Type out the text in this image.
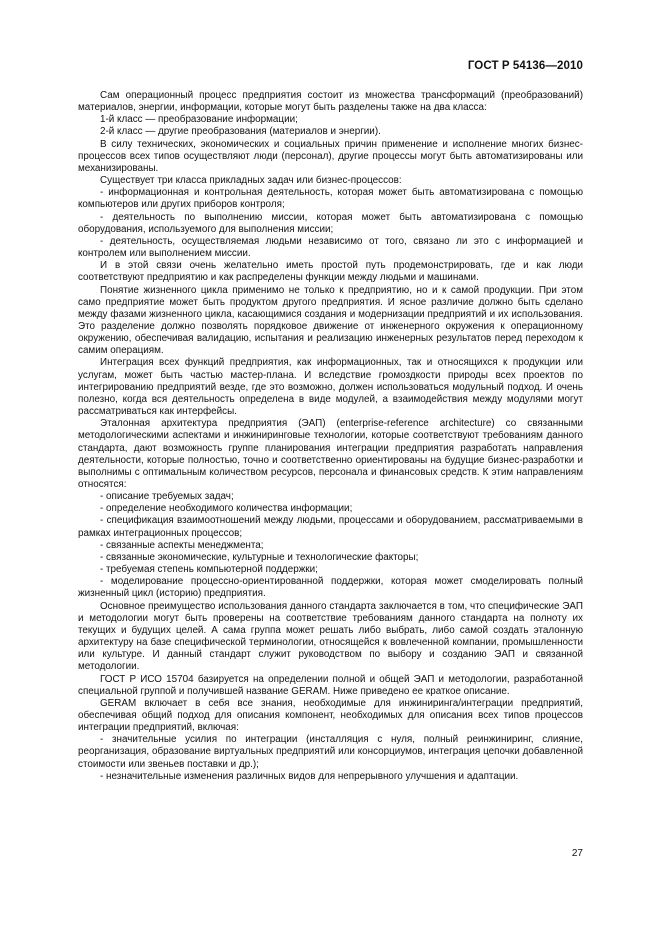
ГОСТ Р 54136—2010

Сам операционный процесс предприятия состоит из множества трансформаций (преобразований) материалов, энергии, информации, которые могут быть разделены также на два класса:

1-й класс — преобразование информации;

2-й класс — другие преобразования (материалов и энергии).

В силу технических, экономических и социальных причин применение и исполнение многих бизнес-процессов всех типов осуществляют люди (персонал), другие процессы могут быть автоматизированы или механизированы.

Существует три класса прикладных задач или бизнес-процессов:

- информационная и контрольная деятельность, которая может быть автоматизирована с помощью компьютеров или других приборов контроля;

- деятельность по выполнению миссии, которая может быть автоматизирована с помощью оборудования, используемого для выполнения миссии;

- деятельность, осуществляемая людьми независимо от того, связано ли это с информацией и контролем или выполнением миссии.

И в этой связи очень желательно иметь простой путь продемонстрировать, где и как люди соответствуют предприятию и как распределены функции между людьми и машинами.

Понятие жизненного цикла применимо не только к предприятию, но и к самой продукции. При этом само предприятие может быть продуктом другого предприятия. И ясное различие должно быть сделано между фазами жизненного цикла, касающимися создания и модернизации предприятий и их использования. Это разделение должно позволять порядковое движение от инженерного окружения к операционному окружению, обеспечивая валидацию, испытания и реализацию инженерных результатов перед переходом к самим операциям.

Интеграция всех функций предприятия, как информационных, так и относящихся к продукции или услугам, может быть частью мастер-плана. И вследствие громоздкости природы всех проектов по интегрированию предприятий везде, где это возможно, должен использоваться модульный подход. И очень полезно, когда вся деятельность определена в виде модулей, а взаимодействия между модулями могут рассматриваться как интерфейсы.

Эталонная архитектура предприятия (ЭАП) (enterprise-reference architecture) со связанными методологическими аспектами и инжиниринговые технологии, которые соответствуют требованиям данного стандарта, дают возможность группе планирования интеграции предприятия разработать направления деятельности, которые полностью, точно и соответственно ориентированы на будущие бизнес-разработки и выполнимы с оптимальным количеством ресурсов, персонала и финансовых средств. К этим направлениям относятся:

- описание требуемых задач;

- определение необходимого количества информации;

- спецификация взаимоотношений между людьми, процессами и оборудованием, рассматриваемыми в рамках интеграционных процессов;

- связанные аспекты менеджмента;

- связанные экономические, культурные и технологические факторы;

- требуемая степень компьютерной поддержки;

- моделирование процессно-ориентированной поддержки, которая может смоделировать полный жизненный цикл (историю) предприятия.

Основное преимущество использования данного стандарта заключается в том, что специфические ЭАП и методологии могут быть проверены на соответствие требованиям данного стандарта на полноту их текущих и будущих целей. А сама группа может решать либо выбрать, либо самой создать эталонную архитектуру на базе специфической терминологии, относящейся к вовлеченной компании, промышленности или культуре. И данный стандарт служит руководством по выбору и созданию ЭАП и связанной методологии.

ГОСТ Р ИСО 15704 базируется на определении полной и общей ЭАП и методологии, разработанной специальной группой и получившей название GERAM. Ниже приведено ее краткое описание.

GERAM включает в себя все знания, необходимые для инжиниринга/интеграции предприятий, обеспечивая общий подход для описания компонент, необходимых для описания всех типов процессов интеграции предприятий, включая:

- значительные усилия по интеграции (инсталляция с нуля, полный реинжиниринг, слияние, реорганизация, образование виртуальных предприятий или консорциумов, интеграция цепочки добавленной стоимости или звеньев поставки и др.);

- незначительные изменения различных видов для непрерывного улучшения и адаптации.

27
